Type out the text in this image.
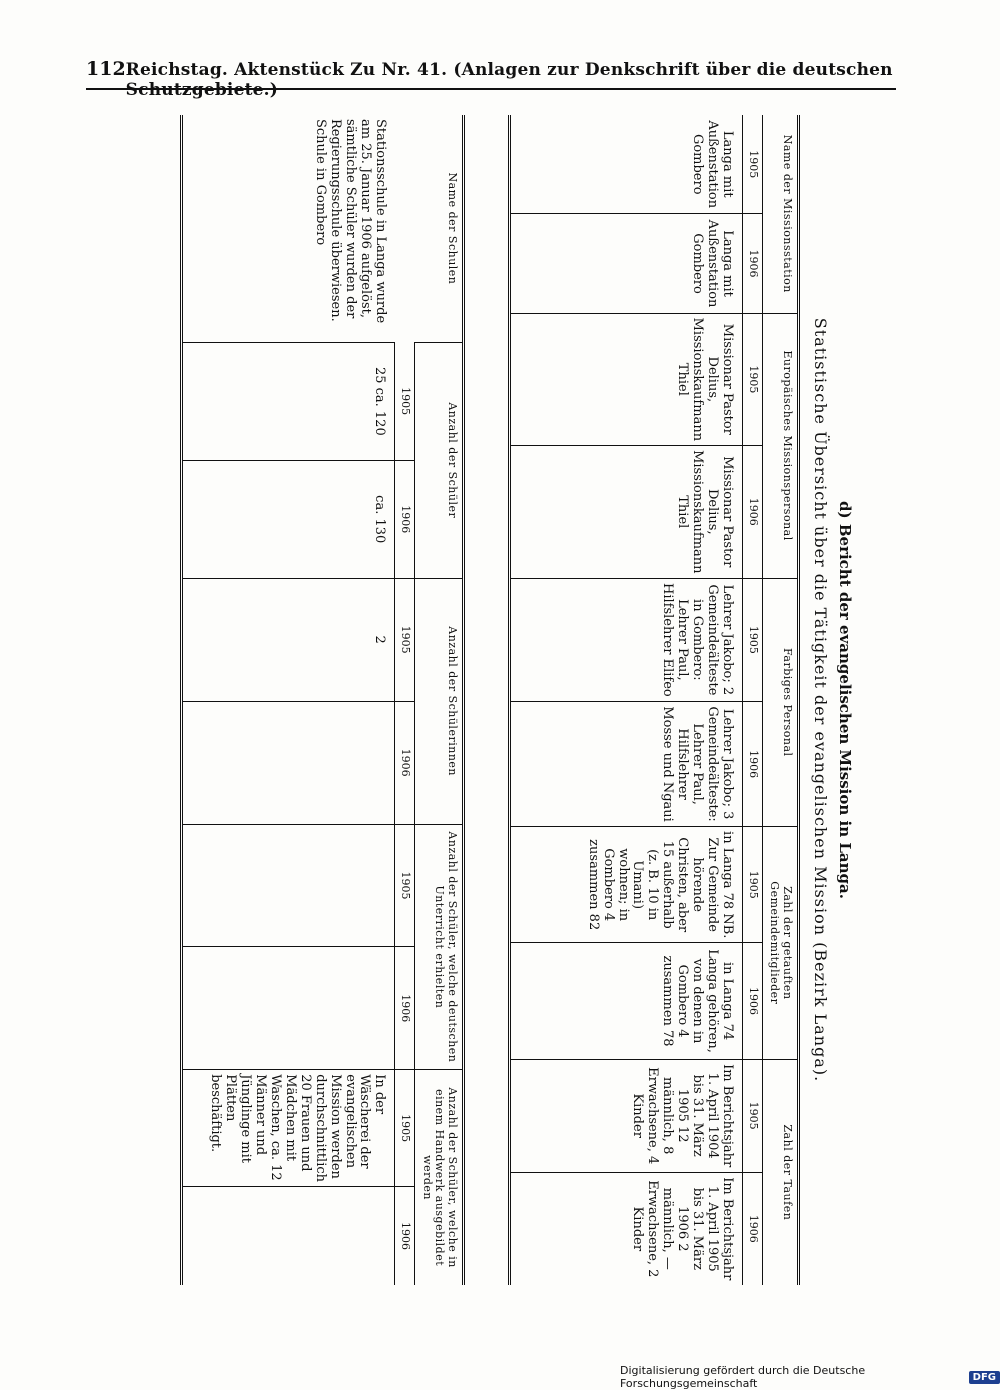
112 Reichstag. Aktenstück Zu Nr. 41. (Anlagen zur Denkschrift über die deutschen Schutzgebiete.)
d) Bericht der evangelischen Mission in Langa.
Statistische Übersicht über die Tätigkeit der evangelischen Mission (Bezirk Langa).
Name der Missionsstation		Europäisches Missionspersonal		Farbiges Personal		Zahl der getauften Gemeindemitglieder		Zahl der Taufen	
1905	1906	1905	1906	1905	1906	1905	1906	1905	1906
Langa mit Außenstation Gombero	Langa mit Außenstation Gombero	Missionar Pastor Delius, Missionskaufmann Thiel	Missionar Pastor Delius, Missionskaufmann Thiel	Lehrer Jakobo; 2 Gemeindeälteste in Gombero: Lehrer Paul, Hilfslehrer Elifeo	Lehrer Jakobo; 3 Gemeindeälteste: Lehrer Paul, Hilfslehrer Mosse und Ngaui	in Langa 78 NB. Zur Gemeinde hörende Christen, aber 15 außerhalb (z. B. 10 in Umani) wohnen; in Gombero 4 zusammen 82	in Langa 74 Langa gehören, von denen in Gombero 4 zusammen 78	Im Berichtsjahr 1. April 1904 bis 31. März 1905 12 männlich, 8 Erwachsene, 4 Kinder	Im Berichtsjahr 1. April 1905 bis 31. März 1906 2 männlich, — Erwachsene, 2 Kinder
Name der Schulen	Anzahl der Schüler		Anzahl der Schülerinnen		Anzahl der Schüler, welche deutschen Unterricht erhielten		Anzahl der Schüler, welche in einem Handwerk ausgebildet werden	
	1905	1906	1905	1906	1905	1906	1905	1906
Stationsschule in Langa wurde am 25. Januar 1906 aufgelöst, sämtliche Schüler wurden der Regierungsschule überwiesen. Schule in Gombero	25 ca. 120	ca. 130	2				In der Wäscherei der evangelischen Mission werden durchschnittlich 20 Frauen und Mädchen mit Waschen, ca. 12 Männer und Jünglinge mit Plätten beschäftigt.	
Digitalisierung gefördert durch die Deutsche Forschungsgemeinschaft	DFG
